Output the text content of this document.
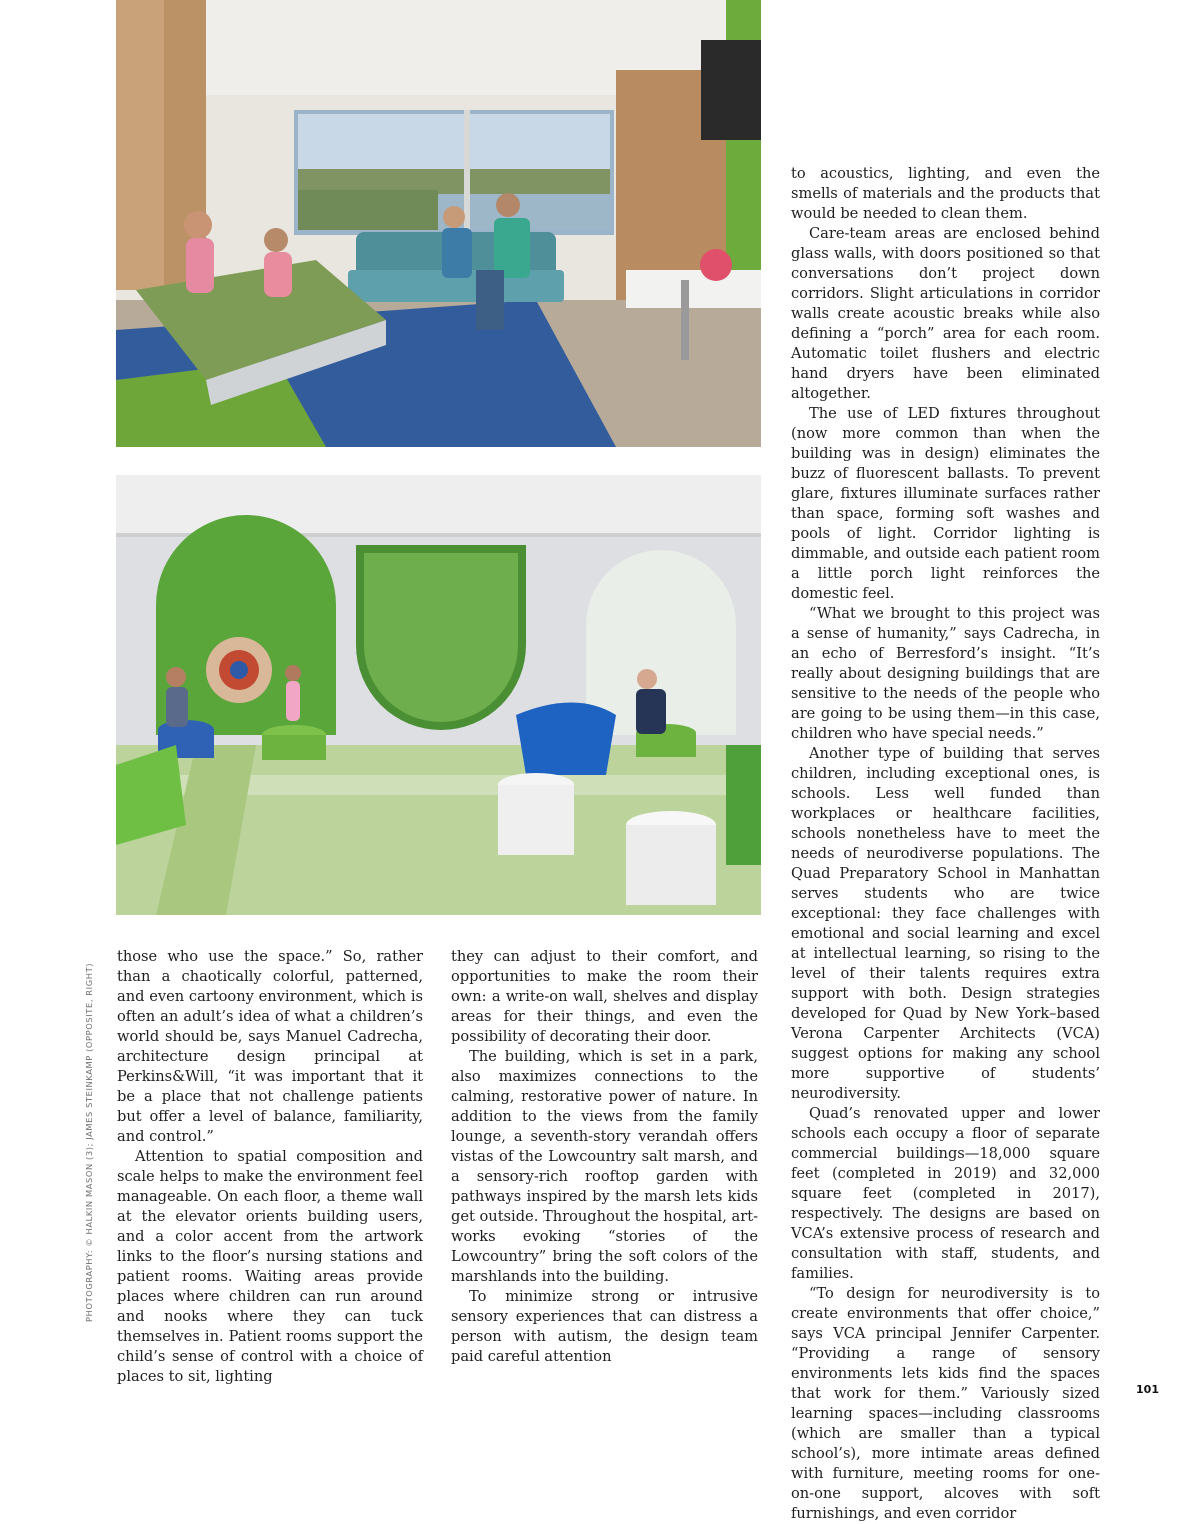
PHOTOGRAPHY: © HALKIN MASON (3); JAMES STEINKAMP (OPPOSITE, RIGHT)

those who use the space.” So, rather than a chaotically colorful, patterned, and even cartoony environment, which is often an adult’s idea of what a children’s world should be, says Manuel Cadrecha, architecture design principal at Perkins&Will, “it was important that it be a place that not challenge patients but offer a level of balance, familiarity, and control.”

Attention to spatial composition and scale helps to make the environment feel manageable. On each floor, a theme wall at the elevator orients building users, and a color accent from the artwork links to the floor’s nursing stations and patient rooms. Waiting areas provide places where children can run around and nooks where they can tuck themselves in. Patient rooms support the child’s sense of control with a choice of places to sit, lighting

they can adjust to their comfort, and opportunities to make the room their own: a write-on wall, shelves and display areas for their things, and even the possibility of decorating their door.

The building, which is set in a park, also maximizes connections to the calming, restorative power of nature. In addition to the views from the family lounge, a seventh-story verandah offers vistas of the Lowcountry salt marsh, and a sensory-rich rooftop garden with pathways inspired by the marsh lets kids get outside. Throughout the hospital, artworks evoking “stories of the Lowcountry” bring the soft colors of the marshlands into the building.

To minimize strong or intrusive sensory experiences that can distress a person with autism, the design team paid careful attention

to acoustics, lighting, and even the smells of materials and the products that would be needed to clean them.

Care-team areas are enclosed behind glass walls, with doors positioned so that conversations don’t project down corridors. Slight articulations in corridor walls create acoustic breaks while also defining a “porch” area for each room. Automatic toilet flushers and electric hand dryers have been eliminated altogether.

The use of LED fixtures throughout (now more common than when the building was in design) eliminates the buzz of fluorescent ballasts. To prevent glare, fixtures illuminate surfaces rather than space, forming soft washes and pools of light. Corridor lighting is dimmable, and outside each patient room a little porch light reinforces the domestic feel.

“What we brought to this project was a sense of humanity,” says Cadrecha, in an echo of Berresford’s insight. “It’s really about designing buildings that are sensitive to the needs of the people who are going to be using them—in this case, children who have special needs.”

Another type of building that serves children, including exceptional ones, is schools. Less well funded than workplaces or healthcare facilities, schools nonetheless have to meet the needs of neurodiverse populations. The Quad Preparatory School in Manhattan serves students who are twice exceptional: they face challenges with emotional and social learning and excel at intellectual learning, so rising to the level of their talents requires extra support with both. Design strategies developed for Quad by New York–based Verona Carpenter Architects (VCA) suggest options for making any school more supportive of students’ neurodiversity.

Quad’s renovated upper and lower schools each occupy a floor of separate commercial buildings—18,000 square feet (completed in 2019) and 32,000 square feet (completed in 2017), respectively. The designs are based on VCA’s extensive process of research and consultation with staff, students, and families.

“To design for neurodiversity is to create environments that offer choice,” says VCA principal Jennifer Carpenter. “Providing a range of sensory environments lets kids find the spaces that work for them.” Variously sized learning spaces—including classrooms (which are smaller than a typical school’s), more intimate areas defined with furniture, meeting rooms for one-on-one support, alcoves with soft furnishings, and even corridor

101
